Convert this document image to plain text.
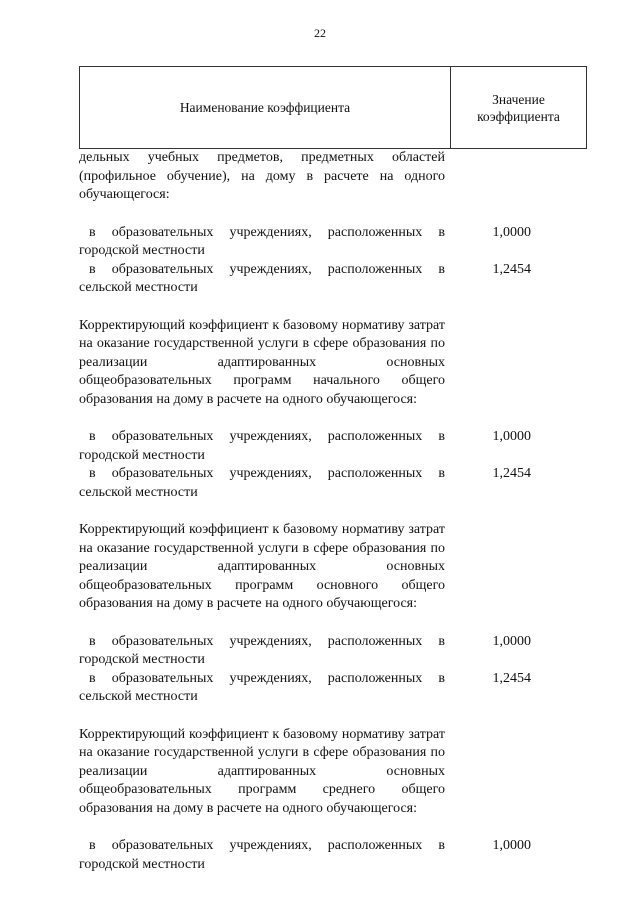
22
Наименование коэффициента
Значение
коэффициента
дельных учебных предметов, предметных областей (профильное обучение), на дому в расчете на одного обучающегося:
в образовательных учреждениях, расположенных в городской местности
1,0000
в образовательных учреждениях, расположенных в сельской местности
1,2454
Корректирующий коэффициент к базовому нормативу затрат на оказание государственной услуги в сфере образования по реализации адаптированных основных общеобразовательных программ начального общего образования на дому в расчете на одного обучающегося:
в образовательных учреждениях, расположенных в городской местности
1,0000
в образовательных учреждениях, расположенных в сельской местности
1,2454
Корректирующий коэффициент к базовому нормативу затрат на оказание государственной услуги в сфере образования по реализации адаптированных основных общеобразовательных программ основного общего образования на дому в расчете на одного обучающегося:
в образовательных учреждениях, расположенных в городской местности
1,0000
в образовательных учреждениях, расположенных в сельской местности
1,2454
Корректирующий коэффициент к базовому нормативу затрат на оказание государственной услуги в сфере образования по реализации адаптированных основных общеобразовательных программ среднего общего образования на дому в расчете на одного обучающегося:
в образовательных учреждениях, расположенных в городской местности
1,0000
